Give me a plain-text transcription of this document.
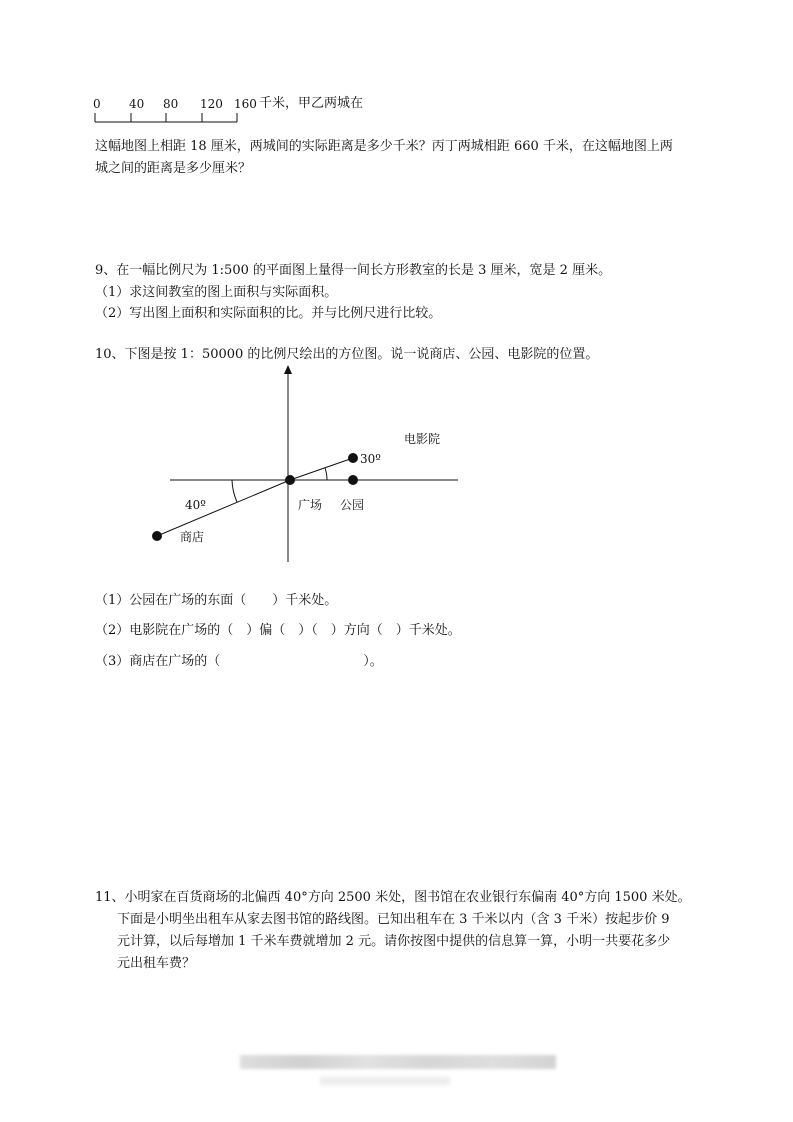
0 40 80 120 160 千米，甲乙两城在
电影院
30º
40º	广场 公园
商店
这幅地图上相距 18 厘米，两城间的实际距离是多少千米？丙丁两城相距 660 千米，在这幅地图上两
城之间的距离是多少厘米？
9、在一幅比例尺为 1:500 的平面图上量得一间长方形教室的长是 3 厘米，宽是 2 厘米。
（1）求这间教室的图上面积与实际面积。
（2）写出图上面积和实际面积的比。并与比例尺进行比较。
10、下图是按 1：50000 的比例尺绘出的方位图。说一说商店、公园、电影院的位置。
（1）公园在广场的东面（　　）千米处。
（2）电影院在广场的（　）偏（　）（　）方向（　）千米处。
（3）商店在广场的（　　　　　　　　　　　）。
11、小明家在百货商场的北偏西 40°方向 2500 米处，图书馆在农业银行东偏南 40°方向 1500 米处。
下面是小明坐出租车从家去图书馆的路线图。已知出租车在 3 千米以内（含 3 千米）按起步价 9
元计算，以后每增加 1 千米车费就增加 2 元。请你按图中提供的信息算一算，小明一共要花多少
元出租车费？
